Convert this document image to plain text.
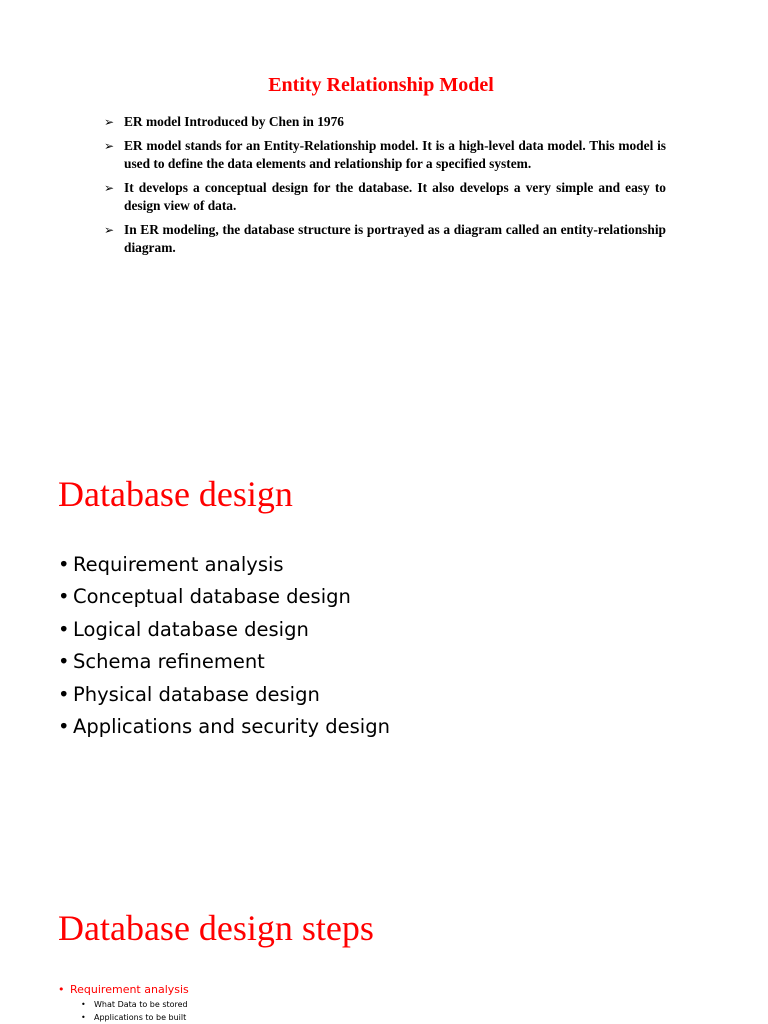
Entity Relationship Model
➢ ER model Introduced by Chen in 1976
➢ ER model stands for an Entity-Relationship model. It is a high-level data model. This model is used to define the data elements and relationship for a specified system.
➢ It develops a conceptual design for the database. It also develops a very simple and easy to design view of data.
➢ In ER modeling, the database structure is portrayed as a diagram called an entity-relationship diagram.
Database design
• Requirement analysis
• Conceptual database design
• Logical database design
• Schema refinement
• Physical database design
• Applications and security design
Database design steps
• Requirement analysis
• What Data to be stored
• Applications to be built
